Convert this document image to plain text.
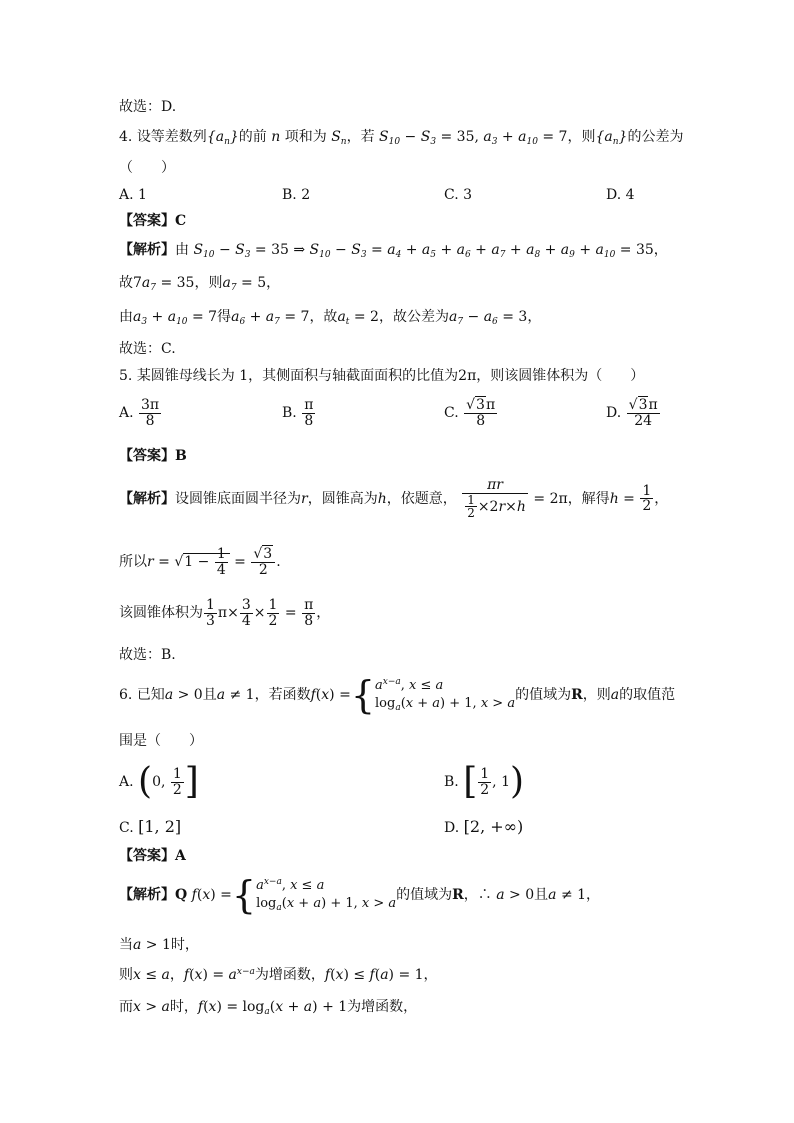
故选：D.
4. 设等差数列$\{a_n\}$的前 n 项和为 $S_n$，若 $S_{10} - S_3 = 35$, $a_3 + a_{10} = 7$，则$\{a_n\}$的公差为
（　　）
A. 1	B. 2	C. 3	D. 4
【答案】C
【解析】由 $S_{10} - S_3 = 35$ ⇒ $S_{10} - S_3 = a_4 + a_5 + a_6 + a_7 + a_8 + a_9 + a_{10} = 35$，
故$7a_7 = 35$，则$a_7 = 5$，
由$a_3 + a_{10} = 7$得$a_6 + a_7 = 7$，故$a_t = 2$，故公差为$a_7 - a_6 = 3$，
故选：C.
5. 某圆锥母线长为 1，其侧面积与轴截面面积的比值为2π，则该圆锥体积为（　　）
A. $\frac{3\pi}{8}$	B. $\frac{\pi}{8}$	C. $\frac{√3\pi}{8}$	D. $\frac{√3\pi}{24}$
【答案】B
【解析】设圆锥底面圆半径为r，圆锥高为h，依题意， $\frac{\pi r}{\frac{1}{2} \times 2r\times h} = 2\pi$，解得$h = \frac{1}{2}$ ，
所以$r = √1 - \frac{1}{4} = \frac{√3}{2}$ .
该圆锥体积为 $\frac{1}{3} \pi\times \frac{3}{4} \times \frac{1}{2} = \frac{\pi}{8}$ ，
故选：B.
6. 已知a > 0且a ≠ 1，若函数$f(x) =\{a^{x-a}$, x ≤ a
$\log_a(x + a) + 1$, x > a的值域为R，则a的取值范
围是（　　）
A. (0, $\frac{1}{2}$ ]	B. [ $\frac{1}{2}$ , 1)
C. [1, 2]	D. [2, +∞)
【答案】A
【解析】Q $f(x) =\{a^{x-a}$, x ≤ a
$\log_a(x + a) + 1$, x > a的值域为R，∴ a > 0且a ≠ 1，
当a > 1时，
则x ≤ a，$f(x) = a^{x-a}$为增函数，f(x) ≤ f(a) = 1，
而x > a时，$f(x) = \log_a(x + a) + 1$为增函数，
